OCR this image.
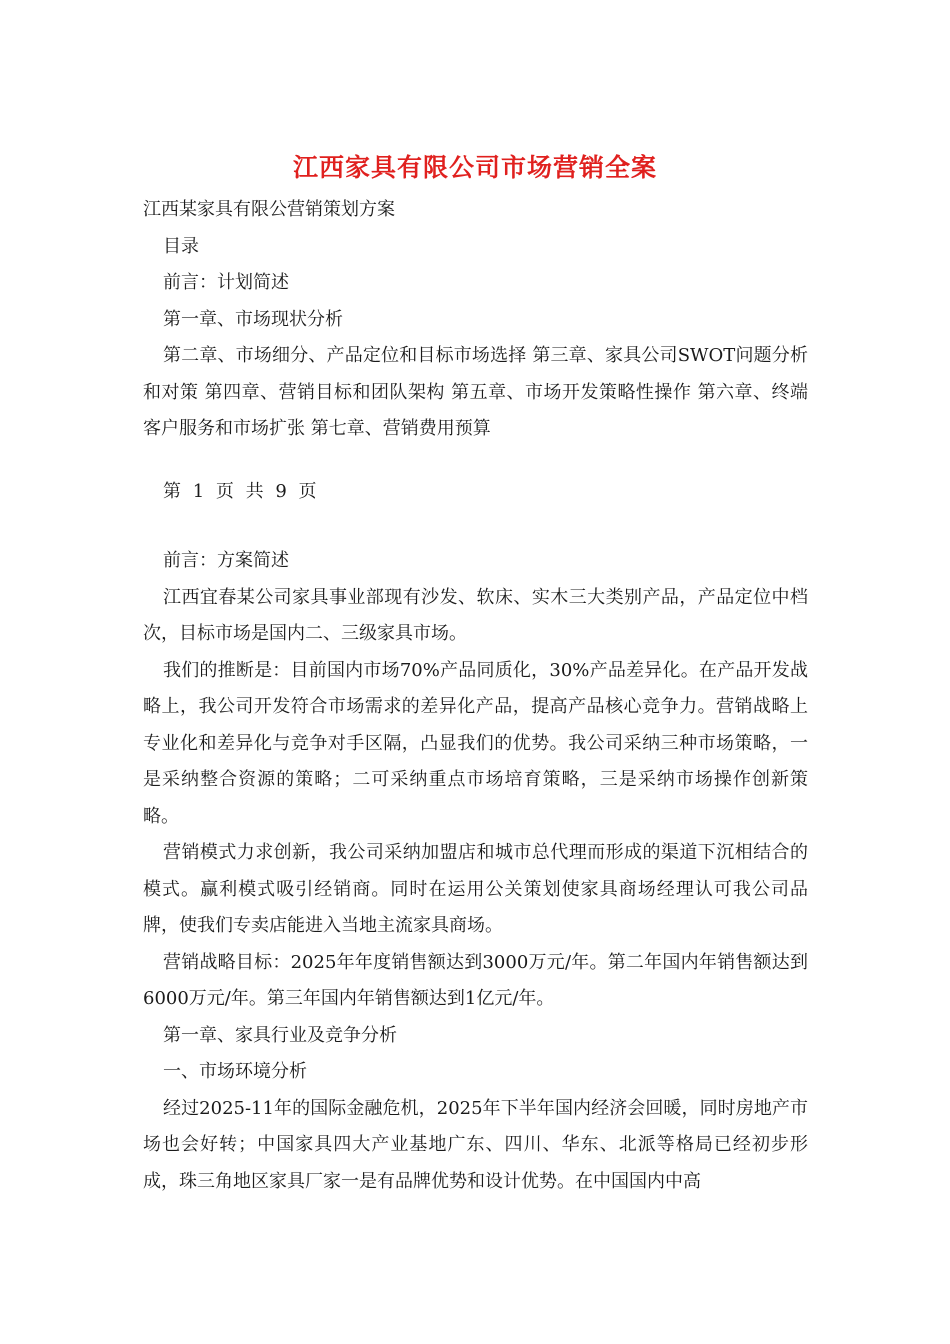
江西家具有限公司市场营销全案

江西某家具有限公营销策划方案

目录

前言：计划简述

第一章、市场现状分析

第二章、市场细分、产品定位和目标市场选择 第三章、家具公司SWOT问题分析和对策 第四章、营销目标和团队架构 第五章、市场开发策略性操作 第六章、终端客户服务和市场扩张 第七章、营销费用预算

第 1 页 共 9 页

前言：方案简述

江西宜春某公司家具事业部现有沙发、软床、实木三大类别产品，产品定位中档次，目标市场是国内二、三级家具市场。

我们的推断是：目前国内市场70%产品同质化，30%产品差异化。在产品开发战略上，我公司开发符合市场需求的差异化产品，提高产品核心竞争力。营销战略上专业化和差异化与竞争对手区隔，凸显我们的优势。我公司采纳三种市场策略，一是采纳整合资源的策略；二可采纳重点市场培育策略，三是采纳市场操作创新策略。

营销模式力求创新，我公司采纳加盟店和城市总代理而形成的渠道下沉相结合的模式。赢利模式吸引经销商。同时在运用公关策划使家具商场经理认可我公司品牌，使我们专卖店能进入当地主流家具商场。

营销战略目标：2025年年度销售额达到3000万元/年。第二年国内年销售额达到6000万元/年。第三年国内年销售额达到1亿元/年。

第一章、家具行业及竞争分析

一、市场环境分析

经过2025-11年的国际金融危机，2025年下半年国内经济会回暖，同时房地产市场也会好转；中国家具四大产业基地广东、四川、华东、北派等格局已经初步形成，珠三角地区家具厂家一是有品牌优势和设计优势。在中国国内中高
